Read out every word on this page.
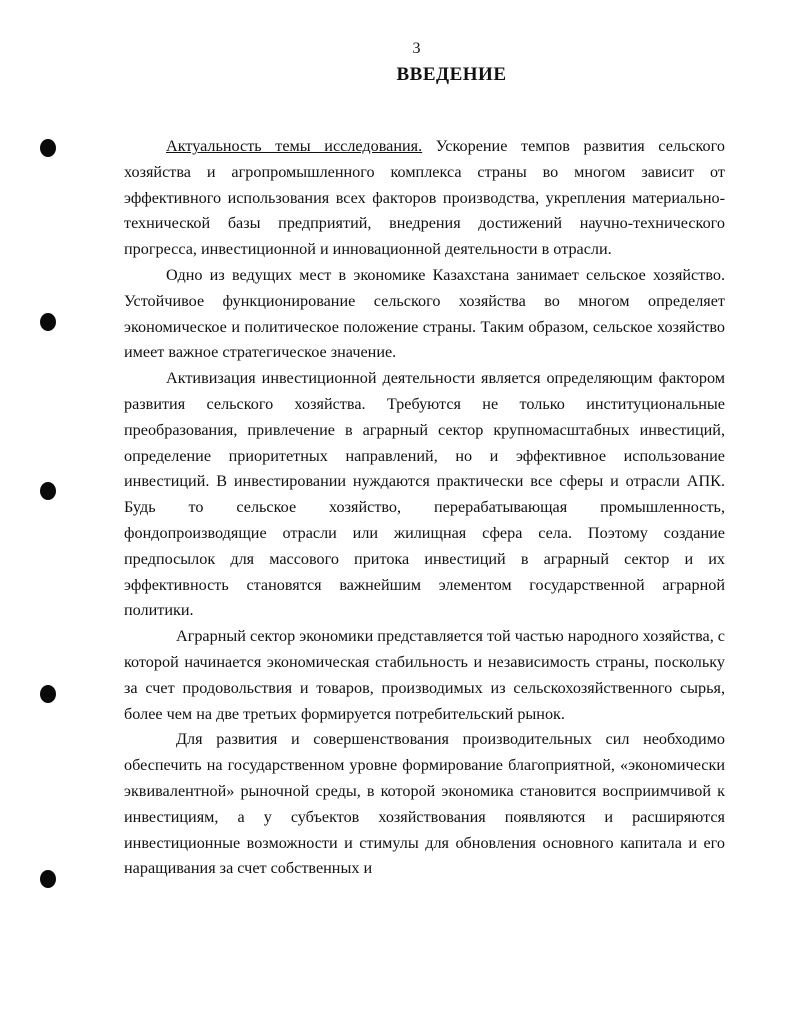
3
ВВЕДЕНИЕ

Актуальность темы исследования. Ускорение темпов развития сельского хозяйства и агропромышленного комплекса страны во многом зависит от эффективного использования всех факторов производства, укрепления материально-технической базы предприятий, внедрения достижений научно-технического прогресса, инвестиционной и инновационной деятельности в отрасли.

Одно из ведущих мест в экономике Казахстана занимает сельское хозяйство. Устойчивое функционирование сельского хозяйства во многом определяет экономическое и политическое положение страны. Таким образом, сельское хозяйство имеет важное стратегическое значение.

Активизация инвестиционной деятельности является определяющим фактором развития сельского хозяйства. Требуются не только институциональные преобразования, привлечение в аграрный сектор крупномасштабных инвестиций, определение приоритетных направлений, но и эффективное использование инвестиций. В инвестировании нуждаются практически все сферы и отрасли АПК. Будь то сельское хозяйство, перерабатывающая промышленность, фондопроизводящие отрасли или жилищная сфера села. Поэтому создание предпосылок для массового притока инвестиций в аграрный сектор и их эффективность становятся важнейшим элементом государственной аграрной политики.

Аграрный сектор экономики представляется той частью народного хозяйства, с которой начинается экономическая стабильность и независимость страны, поскольку за счет продовольствия и товаров, производимых из сельскохозяйственного сырья, более чем на две третьих формируется потребительский рынок.

Для развития и совершенствования производительных сил необходимо обеспечить на государственном уровне формирование благоприятной, «экономически эквивалентной» рыночной среды, в которой экономика становится восприимчивой к инвестициям, а у субъектов хозяйствования появляются и расширяются инвестиционные возможности и стимулы для обновления основного капитала и его наращивания за счет собственных и
